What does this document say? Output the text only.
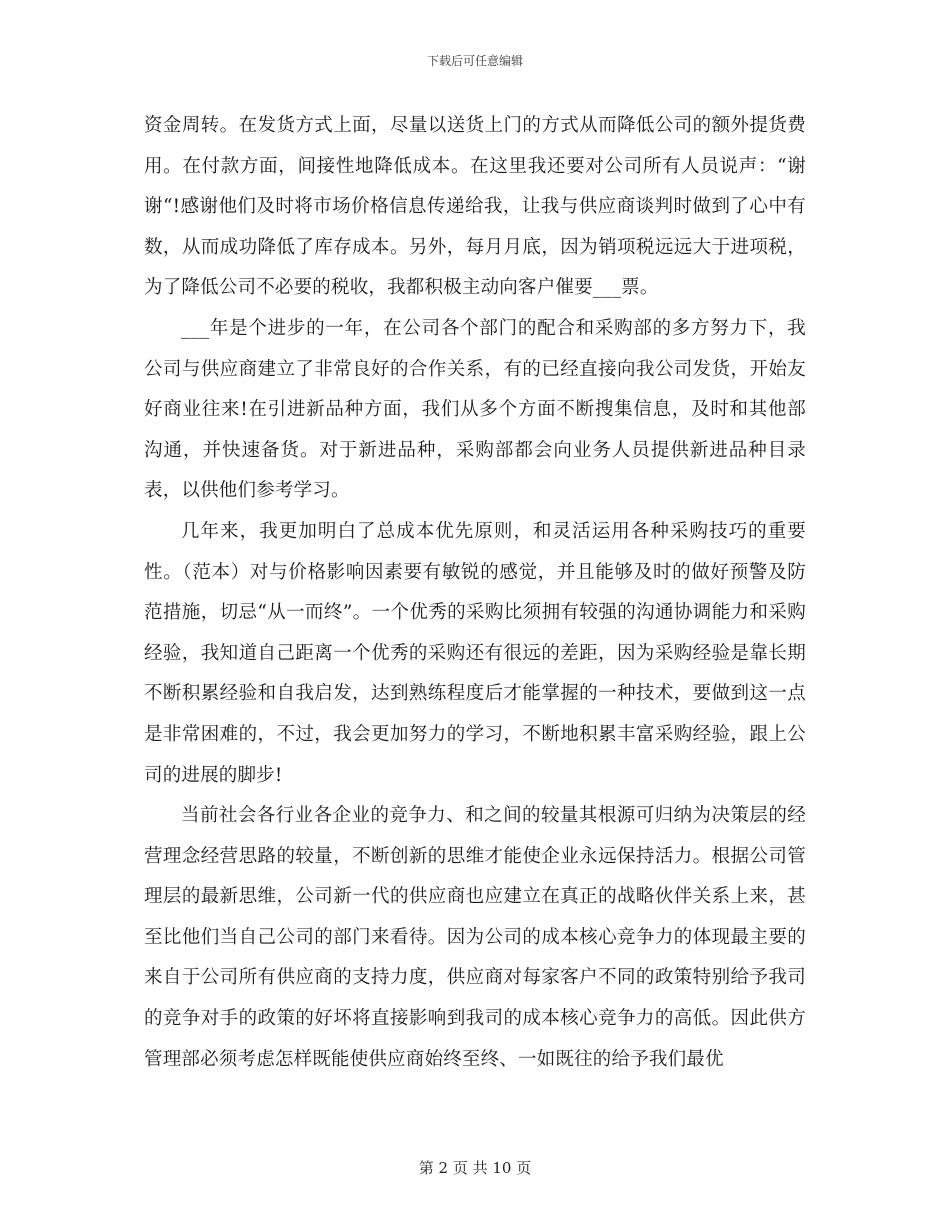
下载后可任意编辑

资金周转。在发货方式上面，尽量以送货上门的方式从而降低公司的额外提货费用。在付款方面，间接性地降低成本。在这里我还要对公司所有人员说声：“谢谢“!感谢他们及时将市场价格信息传递给我，让我与供应商谈判时做到了心中有数，从而成功降低了库存成本。另外，每月月底，因为销项税远远大于进项税，为了降低公司不必要的税收，我都积极主动向客户催要___票。

___年是个进步的一年，在公司各个部门的配合和采购部的多方努力下，我公司与供应商建立了非常良好的合作关系，有的已经直接向我公司发货，开始友好商业往来!在引进新品种方面，我们从多个方面不断搜集信息，及时和其他部沟通，并快速备货。对于新进品种，采购部都会向业务人员提供新进品种目录表，以供他们参考学习。

几年来，我更加明白了总成本优先原则，和灵活运用各种采购技巧的重要性。（范本）对与价格影响因素要有敏锐的感觉，并且能够及时的做好预警及防范措施，切忌“从一而终”。一个优秀的采购比须拥有较强的沟通协调能力和采购经验，我知道自己距离一个优秀的采购还有很远的差距，因为采购经验是靠长期不断积累经验和自我启发，达到熟练程度后才能掌握的一种技术，要做到这一点是非常困难的，不过，我会更加努力的学习，不断地积累丰富采购经验，跟上公司的进展的脚步!

当前社会各行业各企业的竞争力、和之间的较量其根源可归纳为决策层的经营理念经营思路的较量，不断创新的思维才能使企业永远保持活力。根据公司管理层的最新思维，公司新一代的供应商也应建立在真正的战略伙伴关系上来，甚至比他们当自己公司的部门来看待。因为公司的成本核心竞争力的体现最主要的来自于公司所有供应商的支持力度，供应商对每家客户不同的政策特别给予我司的竞争对手的政策的好坏将直接影响到我司的成本核心竞争力的高低。因此供方管理部必须考虑怎样既能使供应商始终至终、一如既往的给予我们最优

第 2 页 共 10 页
